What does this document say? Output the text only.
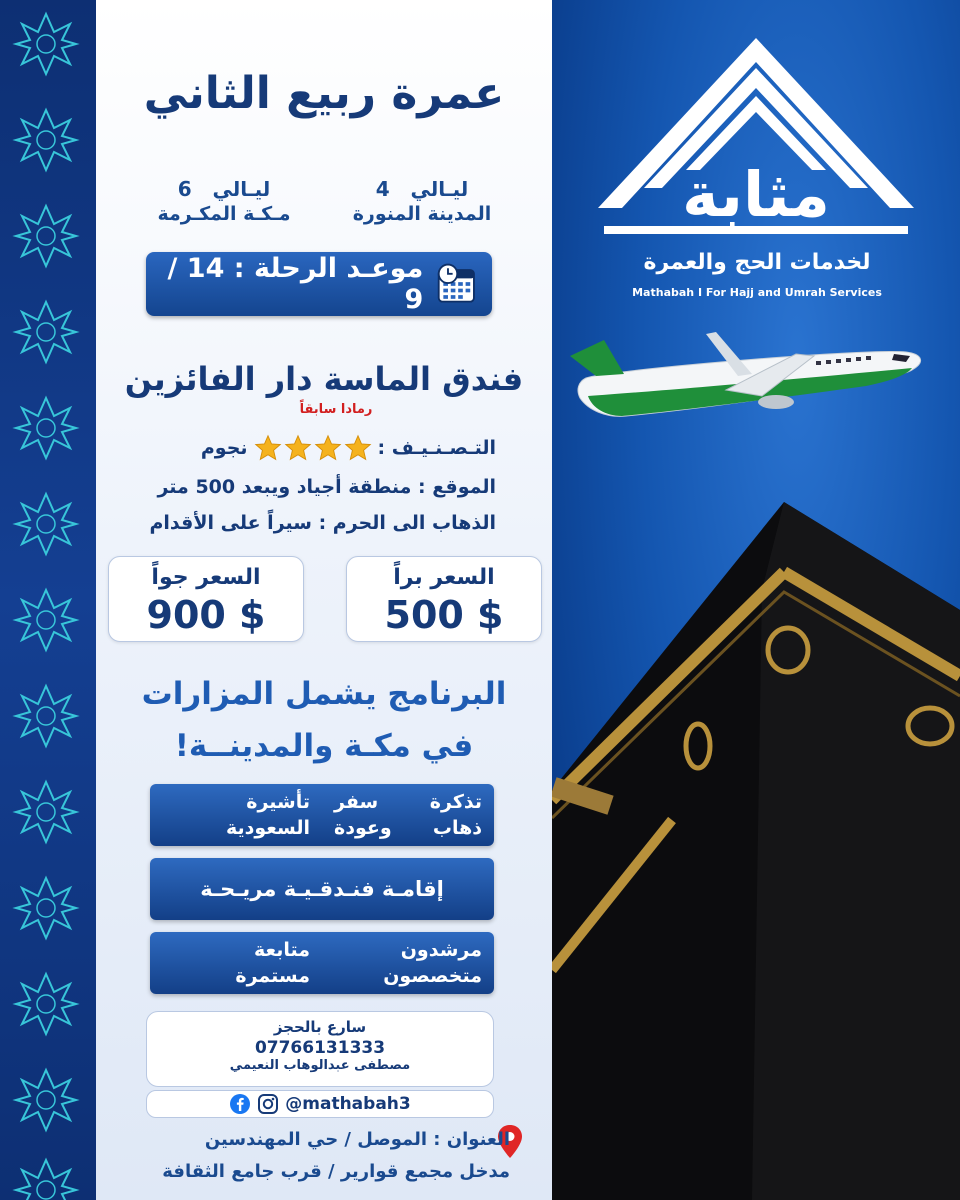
عمرة ربيع الثاني
6 ليـالي
مـكـة المكـرمة
4 ليـالي
المدينة المنورة
موعـد الرحلة : 14 / 9
فندق الماسة دار الفائزين
رمادا سابقاً
التـصـنـيـف :
نجوم
الموقع : منطقة أجياد ويبعد 500 متر
الذهاب الى الحرم : سيراً على الأقدام
السعر براً
500 $
السعر جواً
900 $
البرنامج يشمل المزارات
في مكـة والمدينــة!
تذكرة سفر
ذهاب وعودة
تأشيرة
السعودية
إقامـة فنـدقـيـة مريـحـة
مرشدون
متخصصون
متابعة
مستمرة
سارع بالحجز
07766131333
مصطفى عبدالوهاب النعيمي
@mathabah3
العنوان : الموصل / حي المهندسين
مدخل مجمع قوارير / قرب جامع الثقافة
مثابة
لخدمات الحج والعمرة
Mathabah I For Hajj and Umrah Services
